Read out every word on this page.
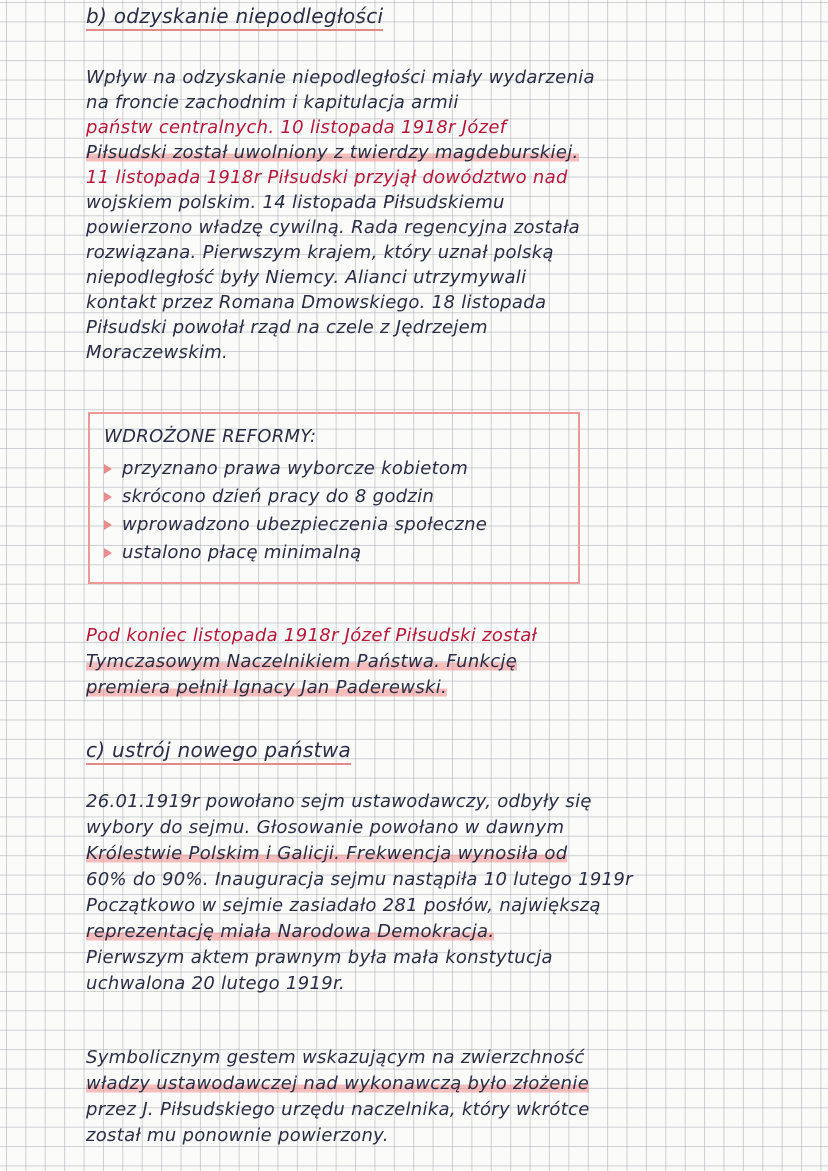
b) odzyskanie niepodległości
Wpływ na odzyskanie niepodległości miały wydarzenia
na froncie zachodnim i kapitulacja armii
państw centralnych. 10 listopada 1918r Józef
Piłsudski został uwolniony z twierdzy magdeburskiej.
11 listopada 1918r Piłsudski przyjął dowództwo nad
wojskiem polskim. 14 listopada Piłsudskiemu
powierzono władzę cywilną. Rada regencyjna została
rozwiązana. Pierwszym krajem, który uznał polską
niepodległość były Niemcy. Alianci utrzymywali
kontakt przez Romana Dmowskiego. 18 listopada
Piłsudski powołał rząd na czele z Jędrzejem
Moraczewskim.
WDROŻONE REFORMY:
przyznano prawa wyborcze kobietom
skrócono dzień pracy do 8 godzin
wprowadzono ubezpieczenia społeczne
ustalono płacę minimalną
Pod koniec listopada 1918r Józef Piłsudski został
Tymczasowym Naczelnikiem Państwa. Funkcję
premiera pełnił Ignacy Jan Paderewski.
c) ustrój nowego państwa
26.01.1919r powołano sejm ustawodawczy, odbyły się
wybory do sejmu. Głosowanie powołano w dawnym
Królestwie Polskim i Galicji. Frekwencja wynosiła od
60% do 90%. Inauguracja sejmu nastąpiła 10 lutego 1919r
Początkowo w sejmie zasiadało 281 posłów, największą
reprezentację miała Narodowa Demokracja.
Pierwszym aktem prawnym była mała konstytucja
uchwalona 20 lutego 1919r.
Symbolicznym gestem wskazującym na zwierzchność
władzy ustawodawczej nad wykonawczą było złożenie
przez J. Piłsudskiego urzędu naczelnika, który wkrótce
został mu ponownie powierzony.
